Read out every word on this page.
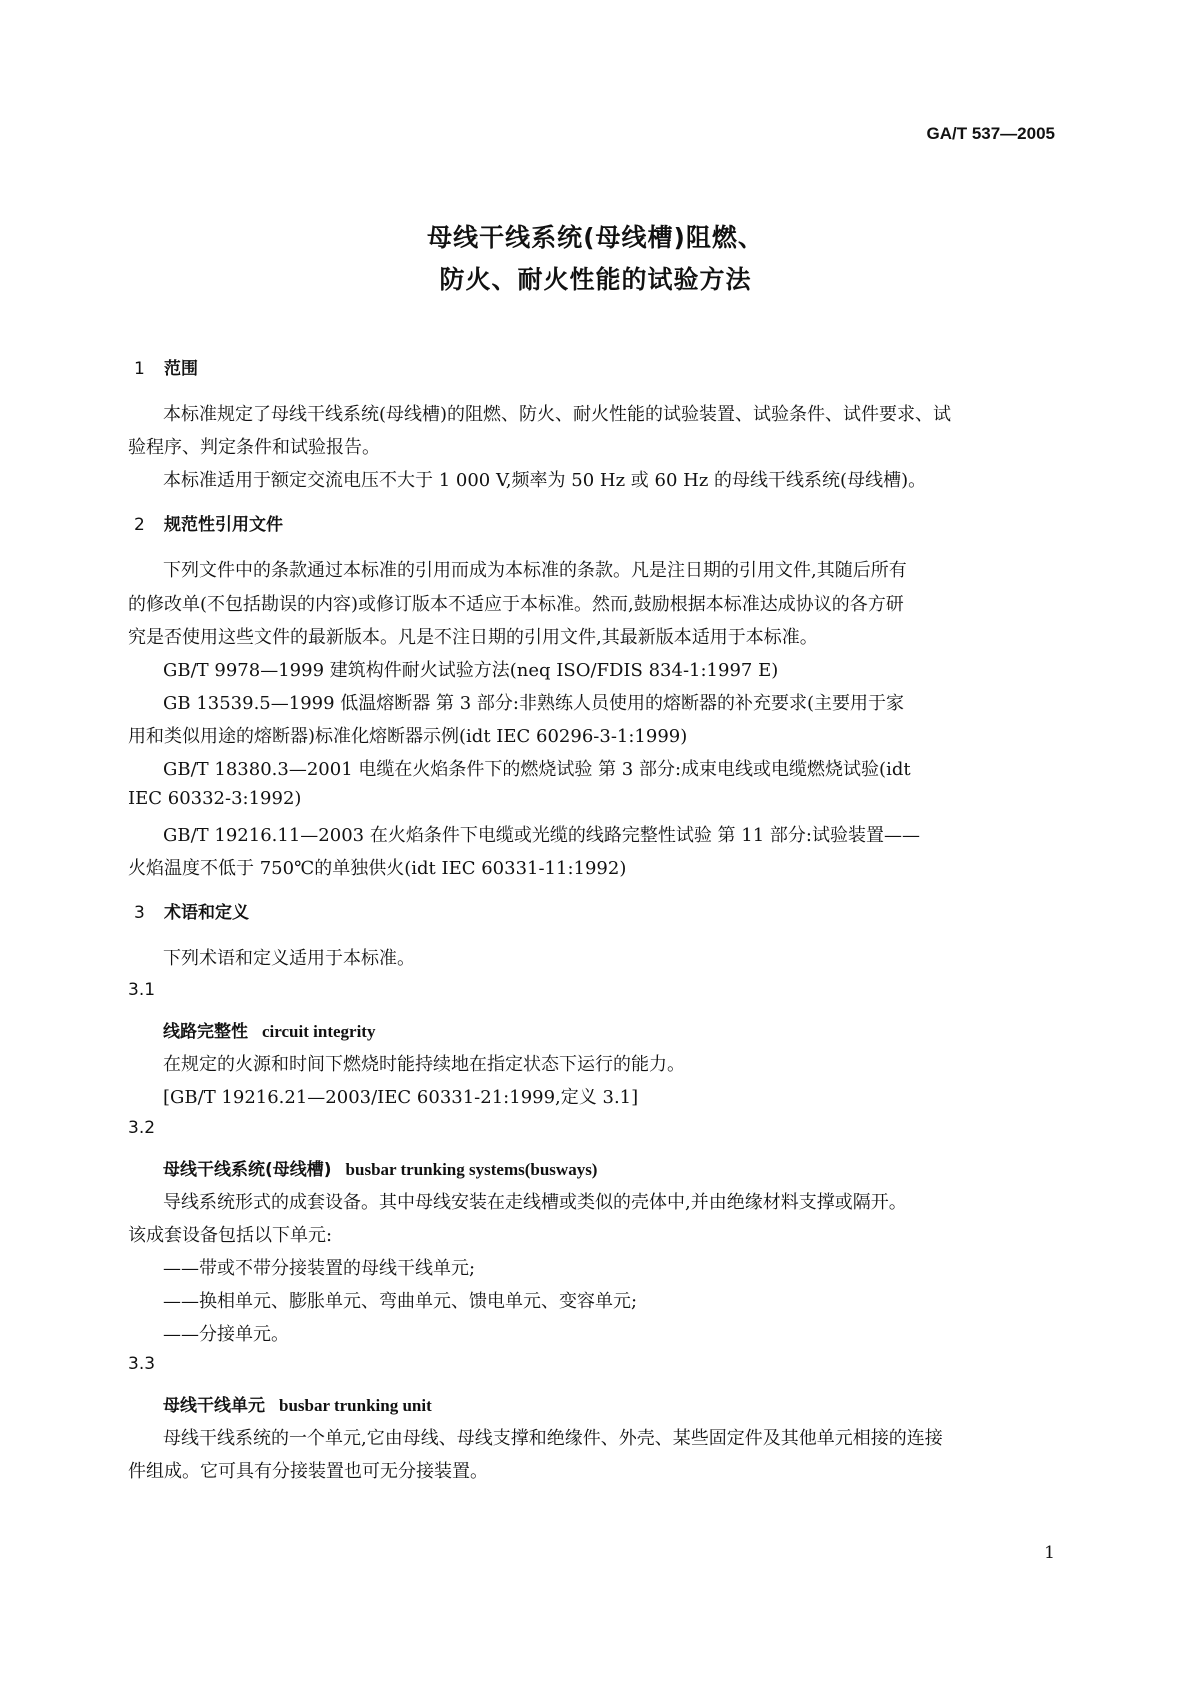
GA/T 537—2005
母线干线系统(母线槽)阻燃、
防火、耐火性能的试验方法
1 范围
本标准规定了母线干线系统(母线槽)的阻燃、防火、耐火性能的试验装置、试验条件、试件要求、试
验程序、判定条件和试验报告。
本标准适用于额定交流电压不大于 1 000 V,频率为 50 Hz 或 60 Hz 的母线干线系统(母线槽)。
2 规范性引用文件
下列文件中的条款通过本标准的引用而成为本标准的条款。凡是注日期的引用文件,其随后所有
的修改单(不包括勘误的内容)或修订版本不适应于本标准。然而,鼓励根据本标准达成协议的各方研
究是否使用这些文件的最新版本。凡是不注日期的引用文件,其最新版本适用于本标准。
GB/T 9978—1999 建筑构件耐火试验方法(neq ISO/FDIS 834-1:1997 E)
GB 13539.5—1999 低温熔断器 第 3 部分:非熟练人员使用的熔断器的补充要求(主要用于家
用和类似用途的熔断器)标准化熔断器示例(idt IEC 60296-3-1:1999)
GB/T 18380.3—2001 电缆在火焰条件下的燃烧试验 第 3 部分:成束电线或电缆燃烧试验(idt
IEC 60332-3:1992)
GB/T 19216.11—2003 在火焰条件下电缆或光缆的线路完整性试验 第 11 部分:试验装置——
火焰温度不低于 750℃的单独供火(idt IEC 60331-11:1992)
3 术语和定义
下列术语和定义适用于本标准。
3.1
线路完整性 circuit integrity
在规定的火源和时间下燃烧时能持续地在指定状态下运行的能力。
[GB/T 19216.21—2003/IEC 60331-21:1999,定义 3.1]
3.2
母线干线系统(母线槽) busbar trunking systems(busways)
导线系统形式的成套设备。其中母线安装在走线槽或类似的壳体中,并由绝缘材料支撑或隔开。
该成套设备包括以下单元:
——带或不带分接装置的母线干线单元;
——换相单元、膨胀单元、弯曲单元、馈电单元、变容单元;
——分接单元。
3.3
母线干线单元 busbar trunking unit
母线干线系统的一个单元,它由母线、母线支撑和绝缘件、外壳、某些固定件及其他单元相接的连接
件组成。它可具有分接装置也可无分接装置。
1
